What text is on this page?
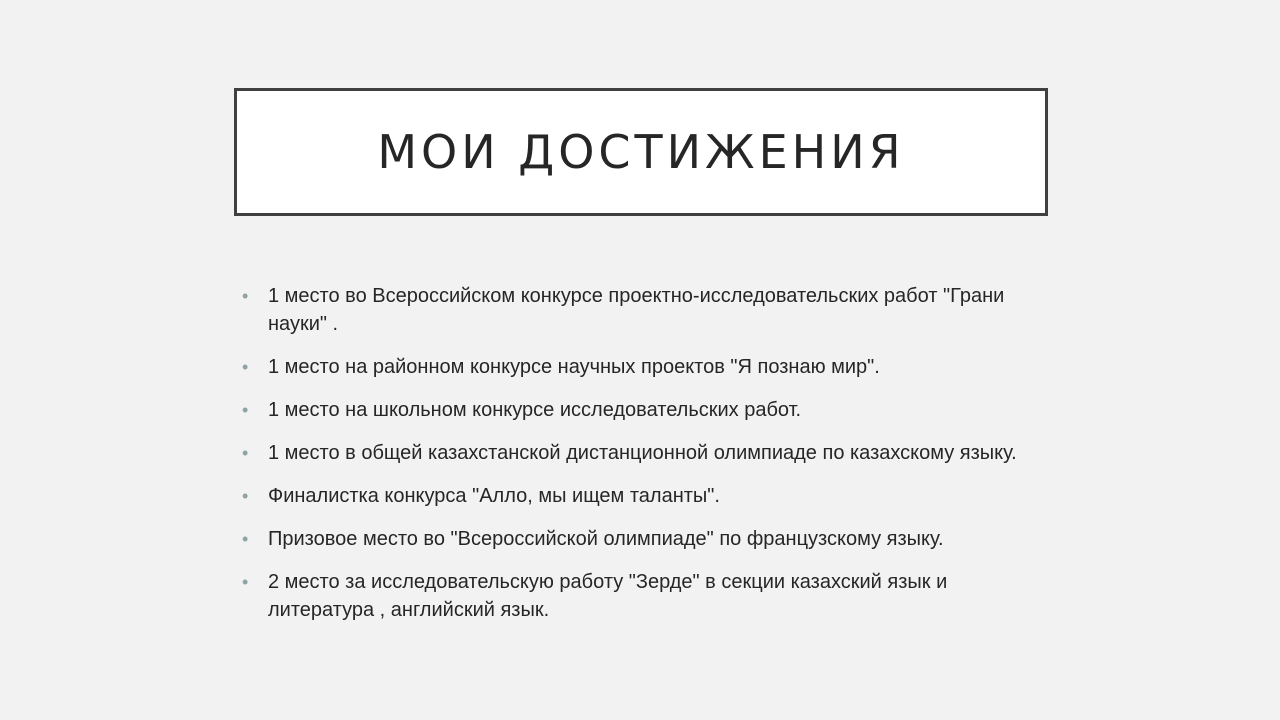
МОИ ДОСТИЖЕНИЯ
• 1 место во Всероссийском конкурсе проектно-исследовательских работ "Грани науки" .
• 1 место на районном конкурсе научных проектов "Я познаю мир".
• 1 место на школьном конкурсе исследовательских работ.
• 1 место в общей казахстанской дистанционной олимпиаде по казахскому языку.
• Финалистка конкурса "Алло, мы ищем таланты".
• Призовое место во "Всероссийской олимпиаде" по французскому языку.
• 2 место за исследовательскую работу "Зерде" в секции казахский язык и литература , английский язык.
